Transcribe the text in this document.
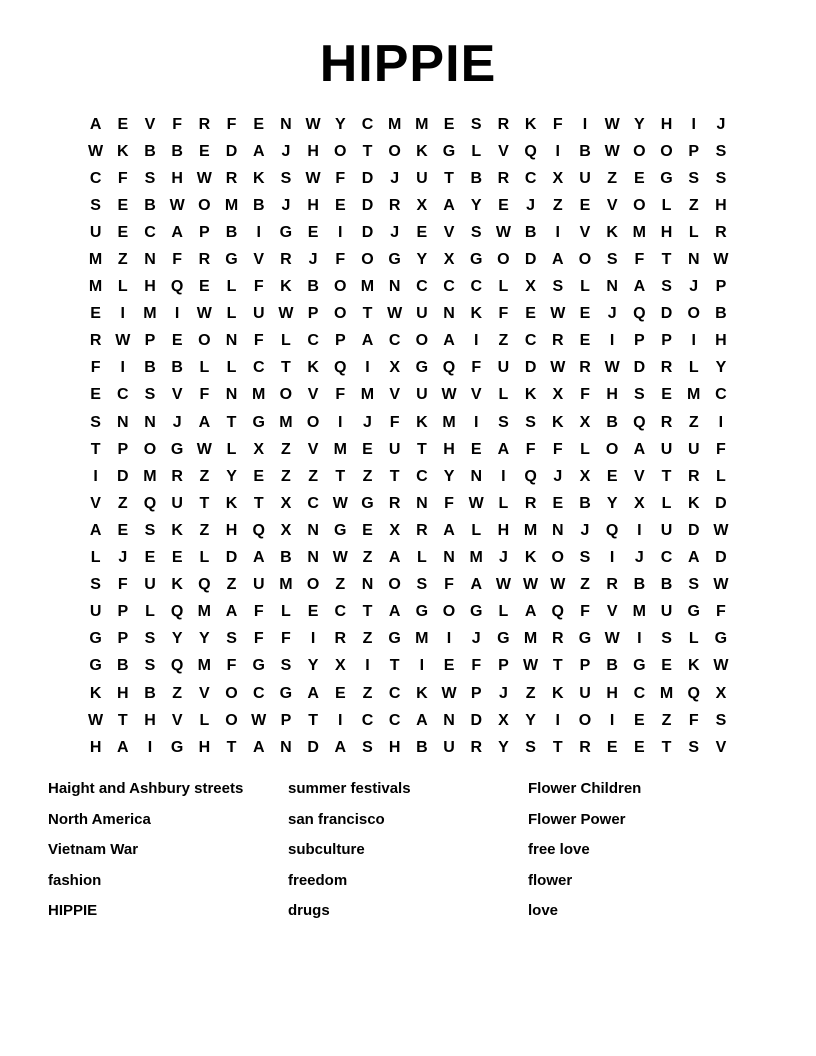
HIPPIE
A	E	V	F	R	F	E	N W Y	C M M E	S	R K	F	I	W Y	H	I	J
W K B B	E	D A	J	H O	T	O K G	L	V Q	I	B W O O P	S
C	F	S	H W R K	S W F	D	J	U	T	B R C	X	U	Z	E G S	S
S	E	B W O M B	J	H	E	D R	X	A	Y	E	J	Z	E	V O	L	Z	H
U	E	C A	P	B	I	G E	I	D	J	E	V	S W B	I	V	K M H	L	R
M Z	N	F	R G V	R	J	F	O G Y	X G O D A O S	F	T	N W
M L	H Q E	L	F	K B O M N C C C	L	X	S	L	N A	S	J	P
E	I	M	I	W L	U W P O	T W U N K	F	E W E	J	Q D O B
R W P	E O N	F	L	C	P	A C O A	I	Z	C R	E	I	P	P	I	H
F	I	B B	L	L	C	T	K Q	I	X G Q	F	U D W R W D R	L	Y
E	C	S	V	F	N M O V	F M V	U W V	L	K	X	F	H	S	E M C
S	N N	J	A	T	G M O	I	J	F	K M	I	S	S	K	X	B Q R	Z	I
T	P O G W L	X	Z	V M E	U	T	H	E	A	F	F	L	O A U U	F
I	D M R	Z	Y	E	Z	Z	T	Z	T	C	Y	N	I	Q	J	X	E	V	T	R	L
V	Z	Q U	T	K	T	X	C W G R N	F W L	R	E	B	Y	X	L	K D
A	E	S	K	Z	H Q X	N G E	X	R A	L	H M N	J	Q	I	U D W
L	J	E	E	L	D A B N W Z	A	L	N M	J	K O S	I	J	C A D
S	F	U K Q	Z	U M O	Z	N O S	F	A W W W Z	R B B	S W
U	P	L	Q M A	F	L	E	C	T	A G O G	L	A Q	F	V M U G	F
G P	S	Y	Y	S	F	F	I	R	Z	G M	I	J	G M R G W	I	S	L	G
G B	S Q M F	G S	Y	X	I	T	I	E	F	P W T	P	B G E	K W
K H B	Z	V O C G A	E	Z	C K W P	J	Z	K U H C M Q X
W T	H	V	L	O W P	T	I	C C A N D	X	Y	I	O	I	E	Z	F	S
H A	I	G H	T	A N D A	S	H B U R	Y	S	T	R	E	E	T	S	V
Haight and Ashbury streets	summer festivals	Flower Children
North America	san francisco	Flower Power
Vietnam War	subculture	free love
fashion	freedom	flower
HIPPIE	drugs	love
